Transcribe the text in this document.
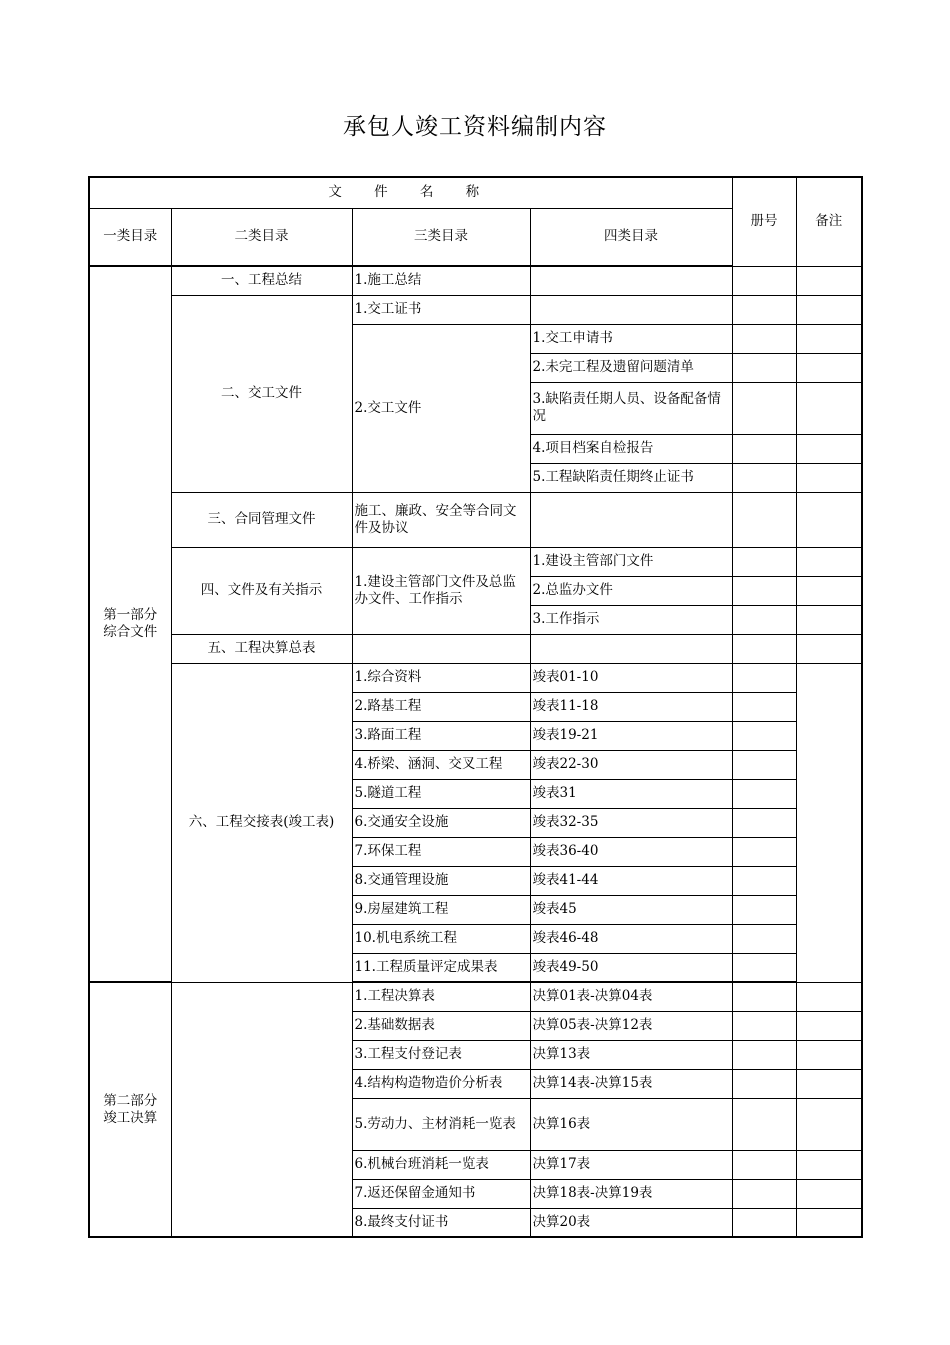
承包人竣工资料编制内容
文 件 名 称				册号	备注
一类目录	二类目录	三类目录	四类目录		
第一部分
综合文件	一、工程总结	1.施工总结			
	二、交工文件	1.交工证书			
		2.交工文件	1.交工申请书		
			2.未完工程及遗留问题清单		
			3.缺陷责任期人员、设备配备情况		
			4.项目档案自检报告		
			5.工程缺陷责任期终止证书		
	三、合同管理文件	施工、廉政、安全等合同文件及协议			
	四、文件及有关指示	1.建设主管部门文件及总监办文件、工作指示	1.建设主管部门文件		
			2.总监办文件		
			3.工作指示		
	五、工程决算总表				
	六、工程交接表(竣工表)	1.综合资料	竣表01-10		
		2.路基工程	竣表11-18		
		3.路面工程	竣表19-21		
		4.桥梁、涵洞、交叉工程	竣表22-30		
		5.隧道工程	竣表31		
		6.交通安全设施	竣表32-35		
		7.环保工程	竣表36-40		
		8.交通管理设施	竣表41-44		
		9.房屋建筑工程	竣表45		
		10.机电系统工程	竣表46-48		
		11.工程质量评定成果表	竣表49-50		
第二部分
竣工决算		1.工程决算表	决算01表-决算04表		
		2.基础数据表	决算05表-决算12表		
		3.工程支付登记表	决算13表		
		4.结构构造物造价分析表	决算14表-决算15表		
		5.劳动力、主材消耗一览表	决算16表		
		6.机械台班消耗一览表	决算17表		
		7.返还保留金通知书	决算18表-决算19表		
		8.最终支付证书	决算20表		
